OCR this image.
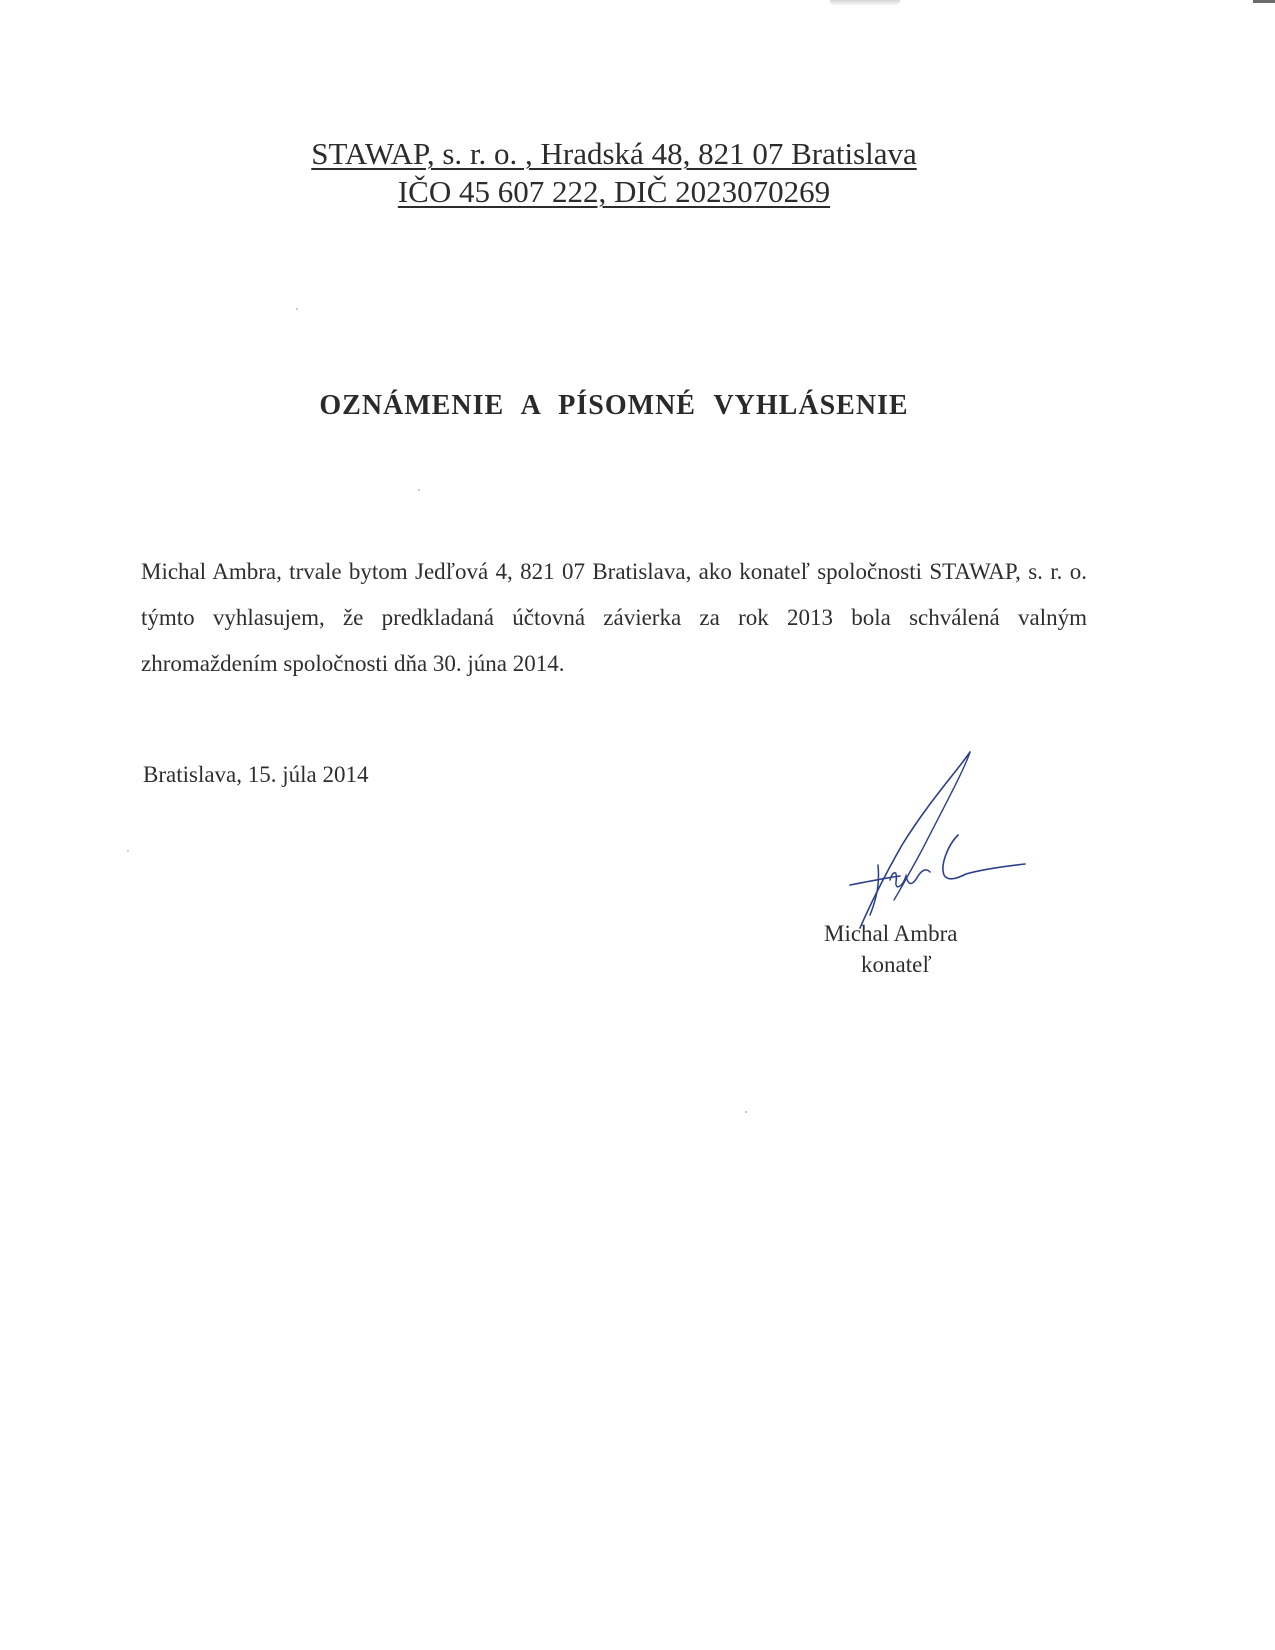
STAWAP, s. r. o. , Hradská 48, 821 07 Bratislava
IČO 45 607 222, DIČ 2023070269
OZNÁMENIE A PÍSOMNÉ VYHLÁSENIE

Michal Ambra, trvale bytom Jedľová 4, 821 07 Bratislava, ako konateľ spoločnosti STAWAP, s. r. o. týmto vyhlasujem, že predkladaná účtovná závierka za rok 2013 bola schválená valným zhromaždením spoločnosti dňa 30. júna 2014.

Bratislava, 15. júla 2014
Michal Ambra
konateľ
